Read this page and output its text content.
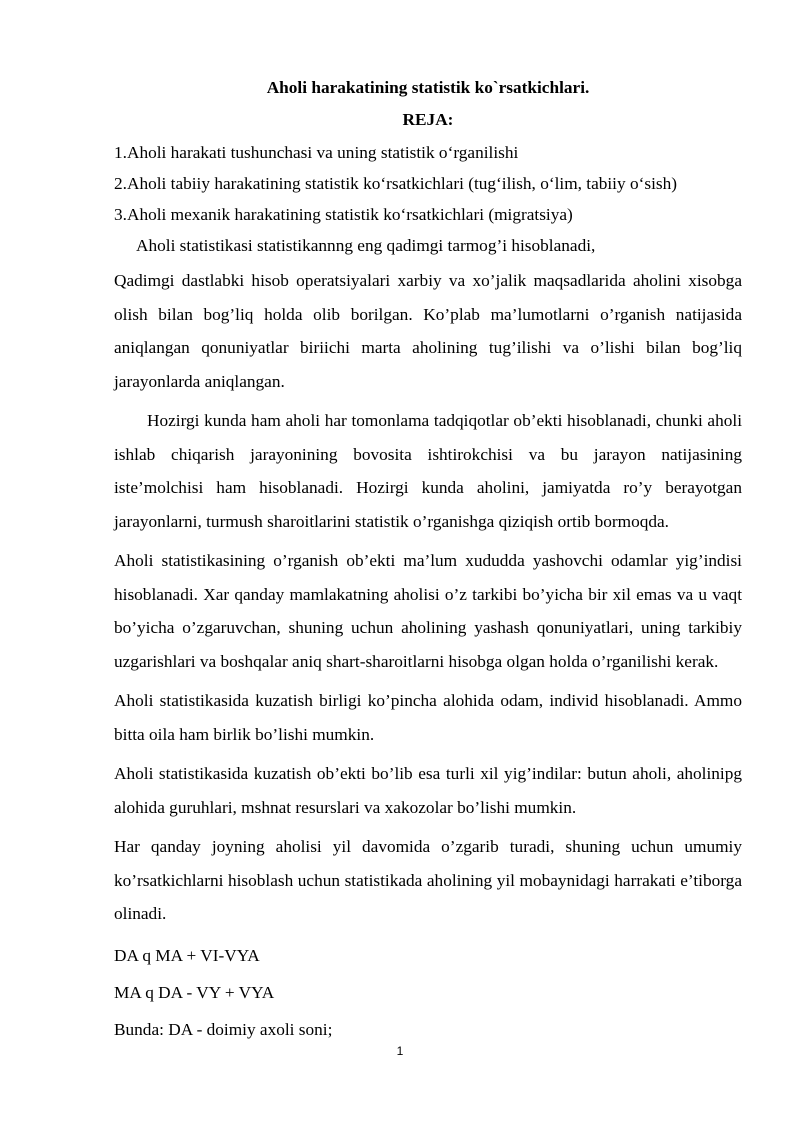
Aholi harakatining statistik ko`rsatkichlari.
REJA:
1.Aholi harakati tushunchasi va uning statistik o‘rganilishi
2.Aholi tabiiy harakatining statistik ko‘rsatkichlari (tug‘ilish, o‘lim, tabiiy o‘sish)
3.Aholi mexanik harakatining statistik ko‘rsatkichlari (migratsiya)
Aholi statistikasi statistikannng eng qadimgi tarmog’i hisoblanadi,

Qadimgi dastlabki hisob operatsiyalari xarbiy va xo’jalik maqsadlarida aholini xisobga olish bilan bog’liq holda olib borilgan. Ko’plab ma’lumotlarni o’rganish natijasida aniqlangan qonuniyatlar biriichi marta aholining tug’ilishi va o’lishi bilan bog’liq jarayonlarda aniqlangan.

Hozirgi kunda ham aholi har tomonlama tadqiqotlar ob’ekti hisoblanadi, chunki aholi ishlab chiqarish jarayonining bovosita ishtirokchisi va bu jarayon natijasining iste’molchisi ham hisoblanadi. Hozirgi kunda aholini, jamiyatda ro’y berayotgan jarayonlarni, turmush sharoitlarini statistik o’rganishga qiziqish ortib bormoqda.

Aholi statistikasining o’rganish ob’ekti ma’lum xududda yashovchi odamlar yig’indisi hisoblanadi. Xar qanday mamlakatning aholisi o’z tarkibi bo’yicha bir xil emas va u vaqt bo’yicha o’zgaruvchan, shuning uchun aholining yashash qonuniyatlari, uning tarkibiy uzgarishlari va boshqalar aniq shart-sharoitlarni hisobga olgan holda o’rganilishi kerak.

Aholi statistikasida kuzatish birligi ko’pincha alohida odam, individ hisoblanadi. Ammo bitta oila ham birlik bo’lishi mumkin.

Aholi statistikasida kuzatish ob’ekti bo’lib esa turli xil yig’indilar: butun aholi, aholinipg alohida guruhlari, mshnat resurslari va xakozolar bo’lishi mumkin.

Har qanday joyning aholisi yil davomida o’zgarib turadi, shuning uchun umumiy ko’rsatkichlarni hisoblash uchun statistikada aholining yil mobaynidagi harrakati e’tiborga olinadi.

DA q MA + VI-VYA
MA q DA - VY + VYA
Bunda: DA - doimiy axoli soni;
1
